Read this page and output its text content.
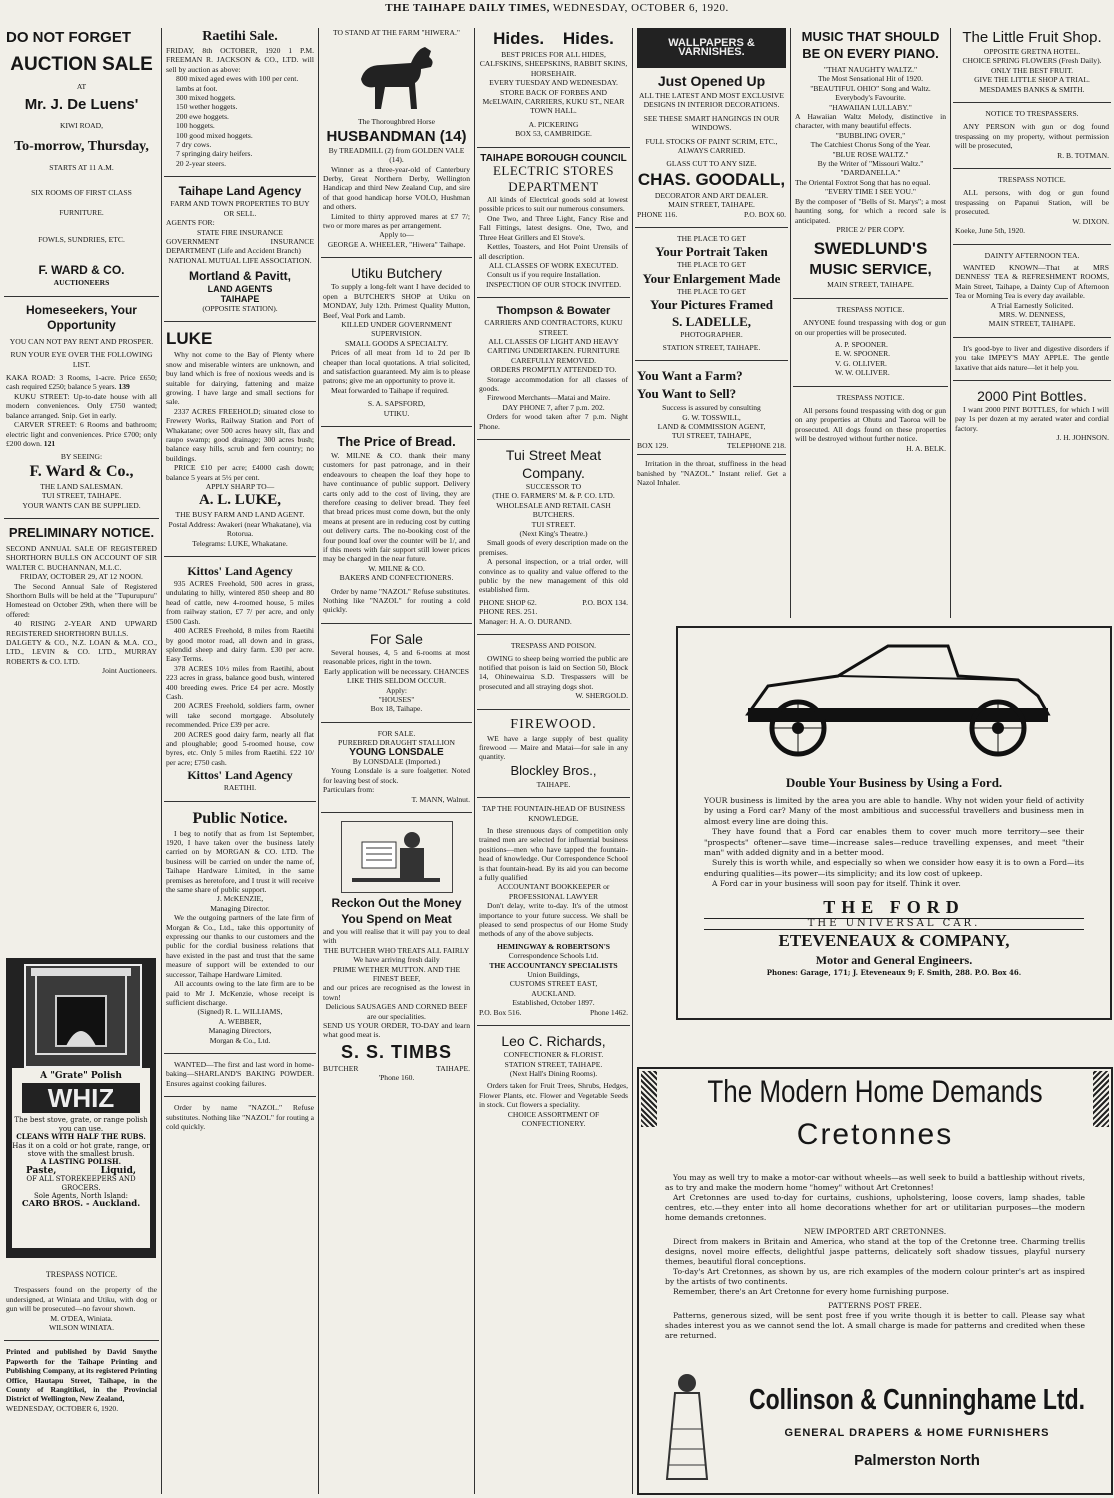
THE TAIHAPE DAILY TIMES, WEDNESDAY, OCTOBER 6, 1920.
DO NOT FORGET
AUCTION SALE
AT
Mr. J. De Luens'
KIWI ROAD,
To-morrow, Thursday,
STARTS AT 11 A.M.
SIX ROOMS OF FIRST CLASS
FURNITURE.
FOWLS, SUNDRIES, ETC.
F. WARD & CO.
AUCTIONEERS
Homeseekers, Your Opportunity
YOU CAN NOT PAY RENT AND PROSPER.
RUN YOUR EYE OVER THE FOLLOWING LIST.
KAKA ROAD: 3 Rooms, 1-acre. Price £650; cash required £250; balance 5 years. 139
KUKU STREET: Up-to-date house with all modern conveniences. Only £750 wanted; balance arranged. Snip. Get in early.
CARVER STREET: 6 Rooms and bathroom; electric light and conveniences. Price £700; only £200 down. 121
BY SEEING:
F. Ward & Co.,
THE LAND SALESMAN.
TUI STREET, TAIHAPE.
YOUR WANTS CAN BE SUPPLIED.
PRELIMINARY NOTICE.
SECOND ANNUAL SALE OF REGISTERED SHORTHORN BULLS ON ACCOUNT OF SIR WALTER C. BUCHANNAN, M.L.C.
FRIDAY, OCTOBER 29, AT 12 NOON.
The Second Annual Sale of Registered Shorthorn Bulls will be held at the "Tupurupuru" Homestead on October 29th, when there will be offered:
40 RISING 2-YEAR AND UPWARD REGISTERED SHORTHORN BULLS.
DALGETY & CO., N.Z. LOAN & M.A. CO., LTD., LEVIN & CO. LTD., MURRAY ROBERTS & CO. LTD.
Joint Auctioneers.
A "Grate" Polish
WHIZ
The best stove, grate, or range polish you can use.
CLEANS WITH HALF THE RUBS.
Has it on a cold or hot grate, range, or stove with the smallest brush.
A LASTING POLISH.
Paste,	Liquid,
OF ALL STOREKEEPERS AND GROCERS.
Sole Agents, North Island:
CARO BROS. - Auckland.
TRESPASS NOTICE.
Trespassers found on the property of the undersigned, at Winiata and Utiku, with dog or gun will be prosecuted—no favour shown.
M. O'DEA, Winiata.
WILSON WINIATA.
Printed and published by David Smythe Papworth for the Taihape Printing and Publishing Company, at its registered Printing Office, Hautapu Street, Taihape, in the County of Rangitikei, in the Provincial District of Wellington, New Zealand,
WEDNESDAY, OCTOBER 6, 1920.
Raetihi Sale.
FRIDAY, 8th OCTOBER, 1920 1 P.M. FREEMAN R. JACKSON & CO., LTD. will sell by auction as above:
800 mixed aged ewes with 100 per cent. lambs at foot.
300 mixed hoggets.
150 wether hoggets.
200 ewe hoggets.
100 hoggets.
100 good mixed hoggets.
7 dry cows.
7 springing dairy heifers.
20 2-year steers.
Taihape Land Agency
FARM AND TOWN PROPERTIES TO BUY OR SELL.
AGENTS FOR:
STATE FIRE INSURANCE
GOVERNMENT INSURANCE DEPARTMENT (Life and Accident Branch)
NATIONAL MUTUAL LIFE ASSOCIATION.
Mortland & Pavitt,
LAND AGENTS
TAIHAPE
(OPPOSITE STATION).
LUKE
Why not come to the Bay of Plenty where snow and miserable winters are unknown, and buy land which is free of noxious weeds and is suitable for dairying, fattening and maize growing. I have large and small sections for sale.
2337 ACRES FREEHOLD; situated close to Frewery Works, Railway Station and Port of Whakatane; over 500 acres heavy silt, flax and raupo swamp; good drainage; 300 acres bush; balance easy hills, scrub and fern country; no buildings.
PRICE £10 per acre; £4000 cash down; balance 5 years at 5½ per cent.
APPLY SHARP TO—
A. L. LUKE,
THE BUSY FARM AND LAND AGENT.
Postal Address: Awakeri (near Whakatane), via Rotorua.
Telegrams: LUKE, Whakatane.
Kittos' Land Agency
935 ACRES Freehold, 500 acres in grass, undulating to hilly, wintered 850 sheep and 80 head of cattle, new 4-roomed house, 5 miles from railway station, £7 7/ per acre, and only £500 Cash.
400 ACRES Freehold, 8 miles from Raetihi by good motor road, all down and in grass, splendid sheep and dairy farm. £30 per acre. Easy Terms.
378 ACRES 10½ miles from Raetihi, about 223 acres in grass, balance good bush, wintered 400 breeding ewes. Price £4 per acre. Mostly Cash.
200 ACRES Freehold, soldiers farm, owner will take second mortgage. Absolutely recommended. Price £39 per acre.
200 ACRES good dairy farm, nearly all flat and ploughable; good 5-roomed house, cow byres, etc. Only 5 miles from Raetihi. £22 10/ per acre; £750 cash.
Kittos' Land Agency
RAETIHI.
Public Notice.
I beg to notify that as from 1st September, 1920, I have taken over the business lately carried on by MORGAN & CO. LTD. The business will be carried on under the name of, Taihape Hardware Limited, in the same premises as heretofore, and I trust it will receive the same share of public support.
J. McKENZIE,
Managing Director.
We the outgoing partners of the late firm of Morgan & Co., Ltd., take this opportunity of expressing our thanks to our customers and the public for the cordial business relations that have existed in the past and trust that the same measure of support will be extended to our successor, Taihape Hardware Limited.
All accounts owing to the late firm are to be paid to Mr J. McKenzie, whose receipt is sufficient discharge.
(Signed) R. L. WILLIAMS,
A. WEBBER,
Managing Directors,
Morgan & Co., Ltd.
WANTED—The first and last word in home-baking—SHARLAND'S BAKING POWDER. Ensures against cooking failures.
Order by name "NAZOL." Refuse substitutes. Nothing like "NAZOL" for routing a cold quickly.
TO STAND AT THE FARM "HIWERA."
The Thoroughbred Horse
HUSBANDMAN (14)
By TREADMILL (2) from GOLDEN VALE (14).
Winner as a three-year-old of Canterbury Derby, Great Northern Derby, Wellington Handicap and third New Zealand Cup, and sire of that good handicap horse VOLO, Hushman and others.
Limited to thirty approved mares at £7 7/; two or more mares as per arrangement.
Apply to—
GEORGE A. WHEELER, "Hiwera" Taihape.
Utiku Butchery
To supply a long-felt want I have decided to open a BUTCHER'S SHOP at Utiku on MONDAY, July 12th. Primest Quality Mutton, Beef, Veal Pork and Lamb.
KILLED UNDER GOVERNMENT SUPERVISION.
SMALL GOODS A SPECIALTY.
Prices of all meat from 1d to 2d per lb cheaper than local quotations. A trial solicited, and satisfaction guaranteed. My aim is to please patrons; give me an opportunity to prove it.
Meat forwarded to Taihape if required.
S. A. SAPSFORD,
UTIKU.
The Price of Bread.
W. MILNE & CO. thank their many customers for past patronage, and in their endeavours to cheapen the loaf they hope to have continuance of public support. Delivery carts only add to the cost of living, they are therefore ceasing to deliver bread. They feel that bread prices must come down, but the only means at present are in reducing cost by cutting out delivery carts. The no-booking cost of the four pound loaf over the counter will be 1/, and if this meets with fair support still lower prices may be charged in the near future.
W. MILNE & CO.
BAKERS AND CONFECTIONERS.
Order by name "NAZOL" Refuse substitutes. Nothing like "NAZOL" for routing a cold quickly.
For Sale
Several houses, 4, 5 and 6-rooms at most reasonable prices, right in the town.
Early application will be necessary. CHANCES LIKE THIS SELDOM OCCUR.
Apply:
"HOUSES"
Box 18, Taihape.
FOR SALE.
PUREBRED DRAUGHT STALLION
YOUNG LONSDALE
By LONSDALE (Imported.)
Young Lonsdale is a sure foalgetter. Noted for leaving best of stock.
Particulars from:
T. MANN, Walnut.
Reckon Out the Money
You Spend on Meat
and you will realise that it will pay you to deal with
THE BUTCHER WHO TREATS ALL FAIRLY
We have arriving fresh daily
PRIME WETHER MUTTON. AND THE FINEST BEEF,
and our prices are recognised as the lowest in town!
Delicious SAUSAGES AND CORNED BEEF
are our specialities.
SEND US YOUR ORDER, TO-DAY and learn what good meat is.
S. S. TIMBS
BUTCHER	TAIHAPE.
'Phone 160.
Hides. Hides.
BEST PRICES FOR ALL HIDES, CALFSKINS, SHEEPSKINS, RABBIT SKINS, HORSEHAIR.
EVERY TUESDAY AND WEDNESDAY.
STORE BACK OF FORBES AND McELWAIN, CARRIERS, KUKU ST., NEAR TOWN HALL.
A. PICKERING
BOX 53, CAMBRIDGE.
TAIHAPE BOROUGH COUNCIL
ELECTRIC STORES DEPARTMENT
All kinds of Electrical goods sold at lowest possible prices to suit our numerous consumers.
One Two, and Three Light, Fancy Rise and Fall Fittings, latest designs. One, Two, and Three Heat Grillers and El Stove's.
Kettles, Toasters, and Hot Point Urensils of all description.
ALL CLASSES OF WORK EXECUTED.
Consult us if you require Installation.
INSPECTION OF OUR STOCK INVITED.
Thompson & Bowater
CARRIERS AND CONTRACTORS, KUKU STREET.
ALL CLASSES OF LIGHT AND HEAVY CARTING UNDERTAKEN. FURNITURE CAREFULLY REMOVED.
ORDERS PROMPTLY ATTENDED TO.
Storage accommodation for all classes of goods.
Firewood Merchants—Matai and Maire.
DAY PHONE 7, after 7 p.m. 202.
Orders for wood taken after 7 p.m. Night Phone.
Tui Street Meat Company.
SUCCESSOR TO
(THE O. FARMERS' M. & P. CO. LTD.
WHOLESALE AND RETAIL CASH BUTCHERS.
TUI STREET.
(Next King's Theatre.)
Small goods of every description made on the premises.
A personal inspection, or a trial order, will convince as to quality and value offered to the public by the new management of this old established firm.
PHONE SHOP 62.	P.O. BOX 134.
PHONE RES. 251.
Manager: H. A. O. DURAND.
TRESPASS AND POISON.
OWING to sheep being worried the public are notified that poison is laid on Section 50, Block 14, Ohinewairua S.D. Trespassers will be prosecuted and all straying dogs shot.
W. SHERGOLD.
FIREWOOD.
WE have a large supply of best quality firewood — Maire and Matai—for sale in any quantity.
Blockley Bros.,
TAIHAPE.
TAP THE FOUNTAIN-HEAD OF BUSINESS KNOWLEDGE.
In these strenuous days of competition only trained men are selected for influential business positions—men who have tapped the fountain-head of knowledge. Our Correspondence School is that fountain-head. By its aid you can become a fully qualified
ACCOUNTANT BOOKKEEPER or PROFESSIONAL LAWYER
Don't delay, write to-day. It's of the utmost importance to your future success. We shall be pleased to send prospectus of our Home Study methods of any of the above subjects.
HEMINGWAY & ROBERTSON'S
Correspondence Schools Ltd.
THE ACCOUNTANCY SPECIALISTS
Union Buildings,
CUSTOMS STREET EAST,
AUCKLAND.
Established, October 1897.
P.O. Box 516.	Phone 1462.
Leo C. Richards,
CONFECTIONER & FLORIST.
STATION STREET, TAIHAPE.
(Next Hall's Dining Rooms).
Orders taken for Fruit Trees, Shrubs, Hedges, Flower Plants, etc. Flower and Vegetable Seeds in stock. Cut flowers a speciality.
CHOICE ASSORTMENT OF CONFECTIONERY.
WALLPAPERS & VARNISHES.
Just Opened Up
ALL THE LATEST AND MOST EXCLUSIVE DESIGNS IN INTERIOR DECORATIONS.
SEE THESE SMART HANGINGS IN OUR WINDOWS.
FULL STOCKS OF PAINT SCRIM, ETC., ALWAYS CARRIED.
GLASS CUT TO ANY SIZE.
CHAS. GOODALL,
DECORATOR AND ART DEALER.
MAIN STREET, TAIHAPE.
PHONE 116.	P.O. BOX 60.
THE PLACE TO GET
Your Portrait Taken
THE PLACE TO GET
Your Enlargement Made
THE PLACE TO GET
Your Pictures Framed
S. LADELLE,
PHOTOGRAPHER.
STATION STREET, TAIHAPE.
You Want a Farm?
You Want to Sell?
Success is assured by consulting
G. W. TOSSWILL,
LAND & COMMISSION AGENT,
TUI STREET, TAIHAPE,
BOX 129.	TELEPHONE 218.
Irritation in the throat, stuffiness in the head banished by "NAZOL." Instant relief. Get a Nazol Inhaler.
MUSIC THAT SHOULD BE ON EVERY PIANO.
"THAT NAUGHTY WALTZ."
The Most Sensational Hit of 1920.
"BEAUTIFUL OHIO" Song and Waltz.
Everybody's Favourite.
"HAWAIIAN LULLABY."
A Hawaiian Waltz Melody, distinctive in character, with many beautiful effects.
"BUBBLING OVER,"
The Catchiest Chorus Song of the Year.
"BLUE ROSE WALTZ."
By the Writer of "Missouri Waltz."
"DARDANELLA."
The Oriental Foxtrot Song that has no equal.
"EVERY TIME I SEE YOU."
By the composer of "Bells of St. Marys"; a most haunting song, for which a record sale is anticipated.
PRICE 2/ PER COPY.
SWEDLUND'S
MUSIC SERVICE,
MAIN STREET, TAIHAPE.
TRESPASS NOTICE.
ANYONE found trespassing with dog or gun on our properties will be prosecuted.
A. P. SPOONER.
E. W. SPOONER.
V. G. OLLIVER.
W. W. OLLIVER.
TRESPASS NOTICE.
All persons found trespassing with dog or gun on any properties at Ohutu and Taoroa will be prosecuted. All dogs found on these properties will be destroyed without further notice.
H. A. BELK.
The Little Fruit Shop.
OPPOSITE GRETNA HOTEL.
CHOICE SPRING FLOWERS (Fresh Daily).
ONLY THE BEST FRUIT.
GIVE THE LITTLE SHOP A TRIAL.
MESDAMES BANKS & SMITH.
NOTICE TO TRESPASSERS.
ANY PERSON with gun or dog found trespassing on my property, without permission will be prosecuted,
R. B. TOTMAN.
TRESPASS NOTICE.
ALL persons, with dog or gun found trespassing on Papanui Station, will be prosecuted.
W. DIXON.
Koeke, June 5th, 1920.
DAINTY AFTERNOON TEA.
WANTED KNOWN—That at MRS DENNESS' TEA & REFRESHMENT ROOMS, Main Street, Taihape, a Dainty Cup of Afternoon Tea or Morning Tea is every day available.
A Trial Earnestly Solicited.
MRS. W. DENNESS,
MAIN STREET, TAIHAPE.
It's good-bye to liver and digestive disorders if you take IMPEY'S MAY APPLE. The gentle laxative that aids nature—let it help you.
2000 Pint Bottles.
I want 2000 PINT BOTTLES, for which I will pay 1s per dozen at my aerated water and cordial factory.
J. H. JOHNSON.
Double Your Business by Using a Ford.
YOUR business is limited by the area you are able to handle. Why not widen your field of activity by using a Ford car? Many of the most ambitious and successful travellers and business men in almost every line are doing this.
They have found that a Ford car enables them to cover much more territory—see their "prospects" oftener—save time—increase sales—reduce travelling expenses, and meet "their man" with added dignity and in a better mood.
Surely this is worth while, and especially so when we consider how easy it is to own a Ford—its enduring qualities—its power—its simplicity; and its low cost of upkeep.
A Ford car in your business will soon pay for itself. Think it over.
THE FORD
THE UNIVERSAL CAR.
ETEVENEAUX & COMPANY,
Motor and General Engineers.
Phones: Garage, 171; J. Eteveneaux 9; F. Smith, 288. P.O. Box 46.
The Modern Home Demands
Cretonnes
You may as well try to make a motor-car without wheels—as well seek to build a battleship without rivets, as to try and make the modern home "homey" without Art Cretonnes!
Art Cretonnes are used to-day for curtains, cushions, upholstering, loose covers, lamp shades, table centres, etc.—they enter into all home decorations whether for art or utilitarian purposes—the modern home demands cretonnes.
NEW IMPORTED ART CRETONNES.
Direct from makers in Britain and America, who stand at the top of the Cretonne tree. Charming trellis designs, novel moire effects, delightful jaspe patterns, delicately soft shadow tissues, playful nursery themes, beautiful floral conceptions.
To-day's Art Cretonnes, as shown by us, are rich examples of the modern colour printer's art as inspired by the artists of two continents.
Remember, there's an Art Cretonne for every home furnishing purpose.
PATTERNS POST FREE.
Patterns, generous sized, will be sent post free if you write though it is better to call. Please say what shades interest you as we cannot send the lot. A small charge is made for patterns and credited when these are returned.
Collinson & Cunninghame Ltd.
GENERAL DRAPERS & HOME FURNISHERS
Palmerston North
